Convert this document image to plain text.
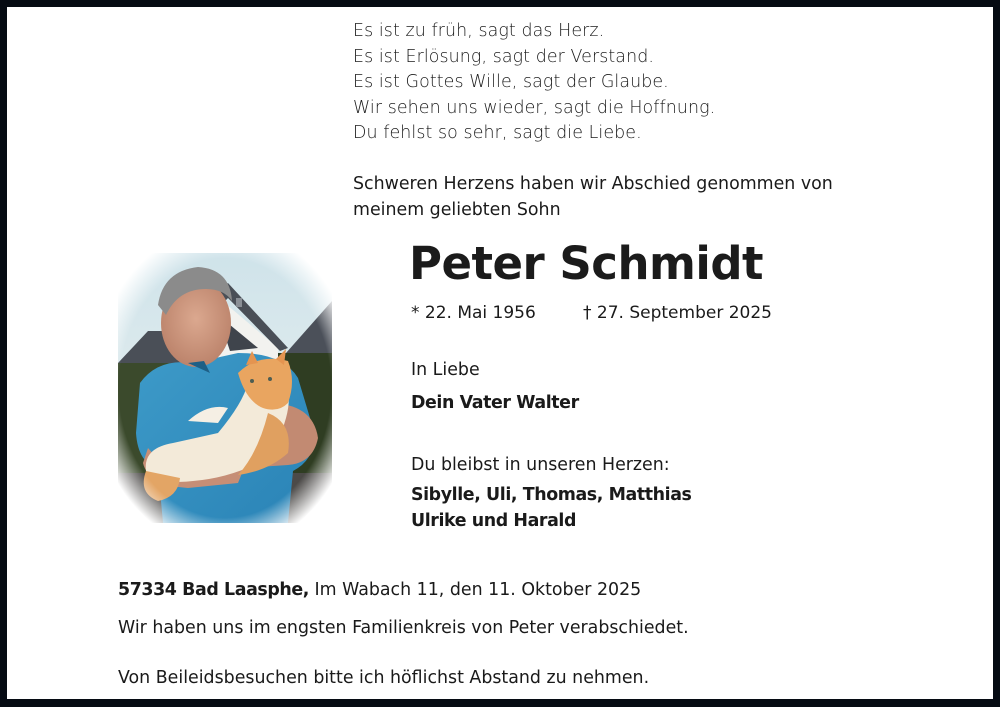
Es ist zu früh, sagt das Herz.
Es ist Erlösung, sagt der Verstand.
Es ist Gottes Wille, sagt der Glaube.
Wir sehen uns wieder, sagt die Hoffnung.
Du fehlst so sehr, sagt die Liebe.
Schweren Herzens haben wir Abschied genommen von
meinem geliebten Sohn
Peter Schmidt
* 22. Mai 1956	† 27. September 2025
In Liebe
Dein Vater Walter
Du bleibst in unseren Herzen:
Sibylle, Uli, Thomas, Matthias
Ulrike und Harald
57334 Bad Laasphe, Im Wabach 11, den 11. Oktober 2025
Wir haben uns im engsten Familienkreis von Peter verabschiedet.
Von Beileidsbesuchen bitte ich höflichst Abstand zu nehmen.
